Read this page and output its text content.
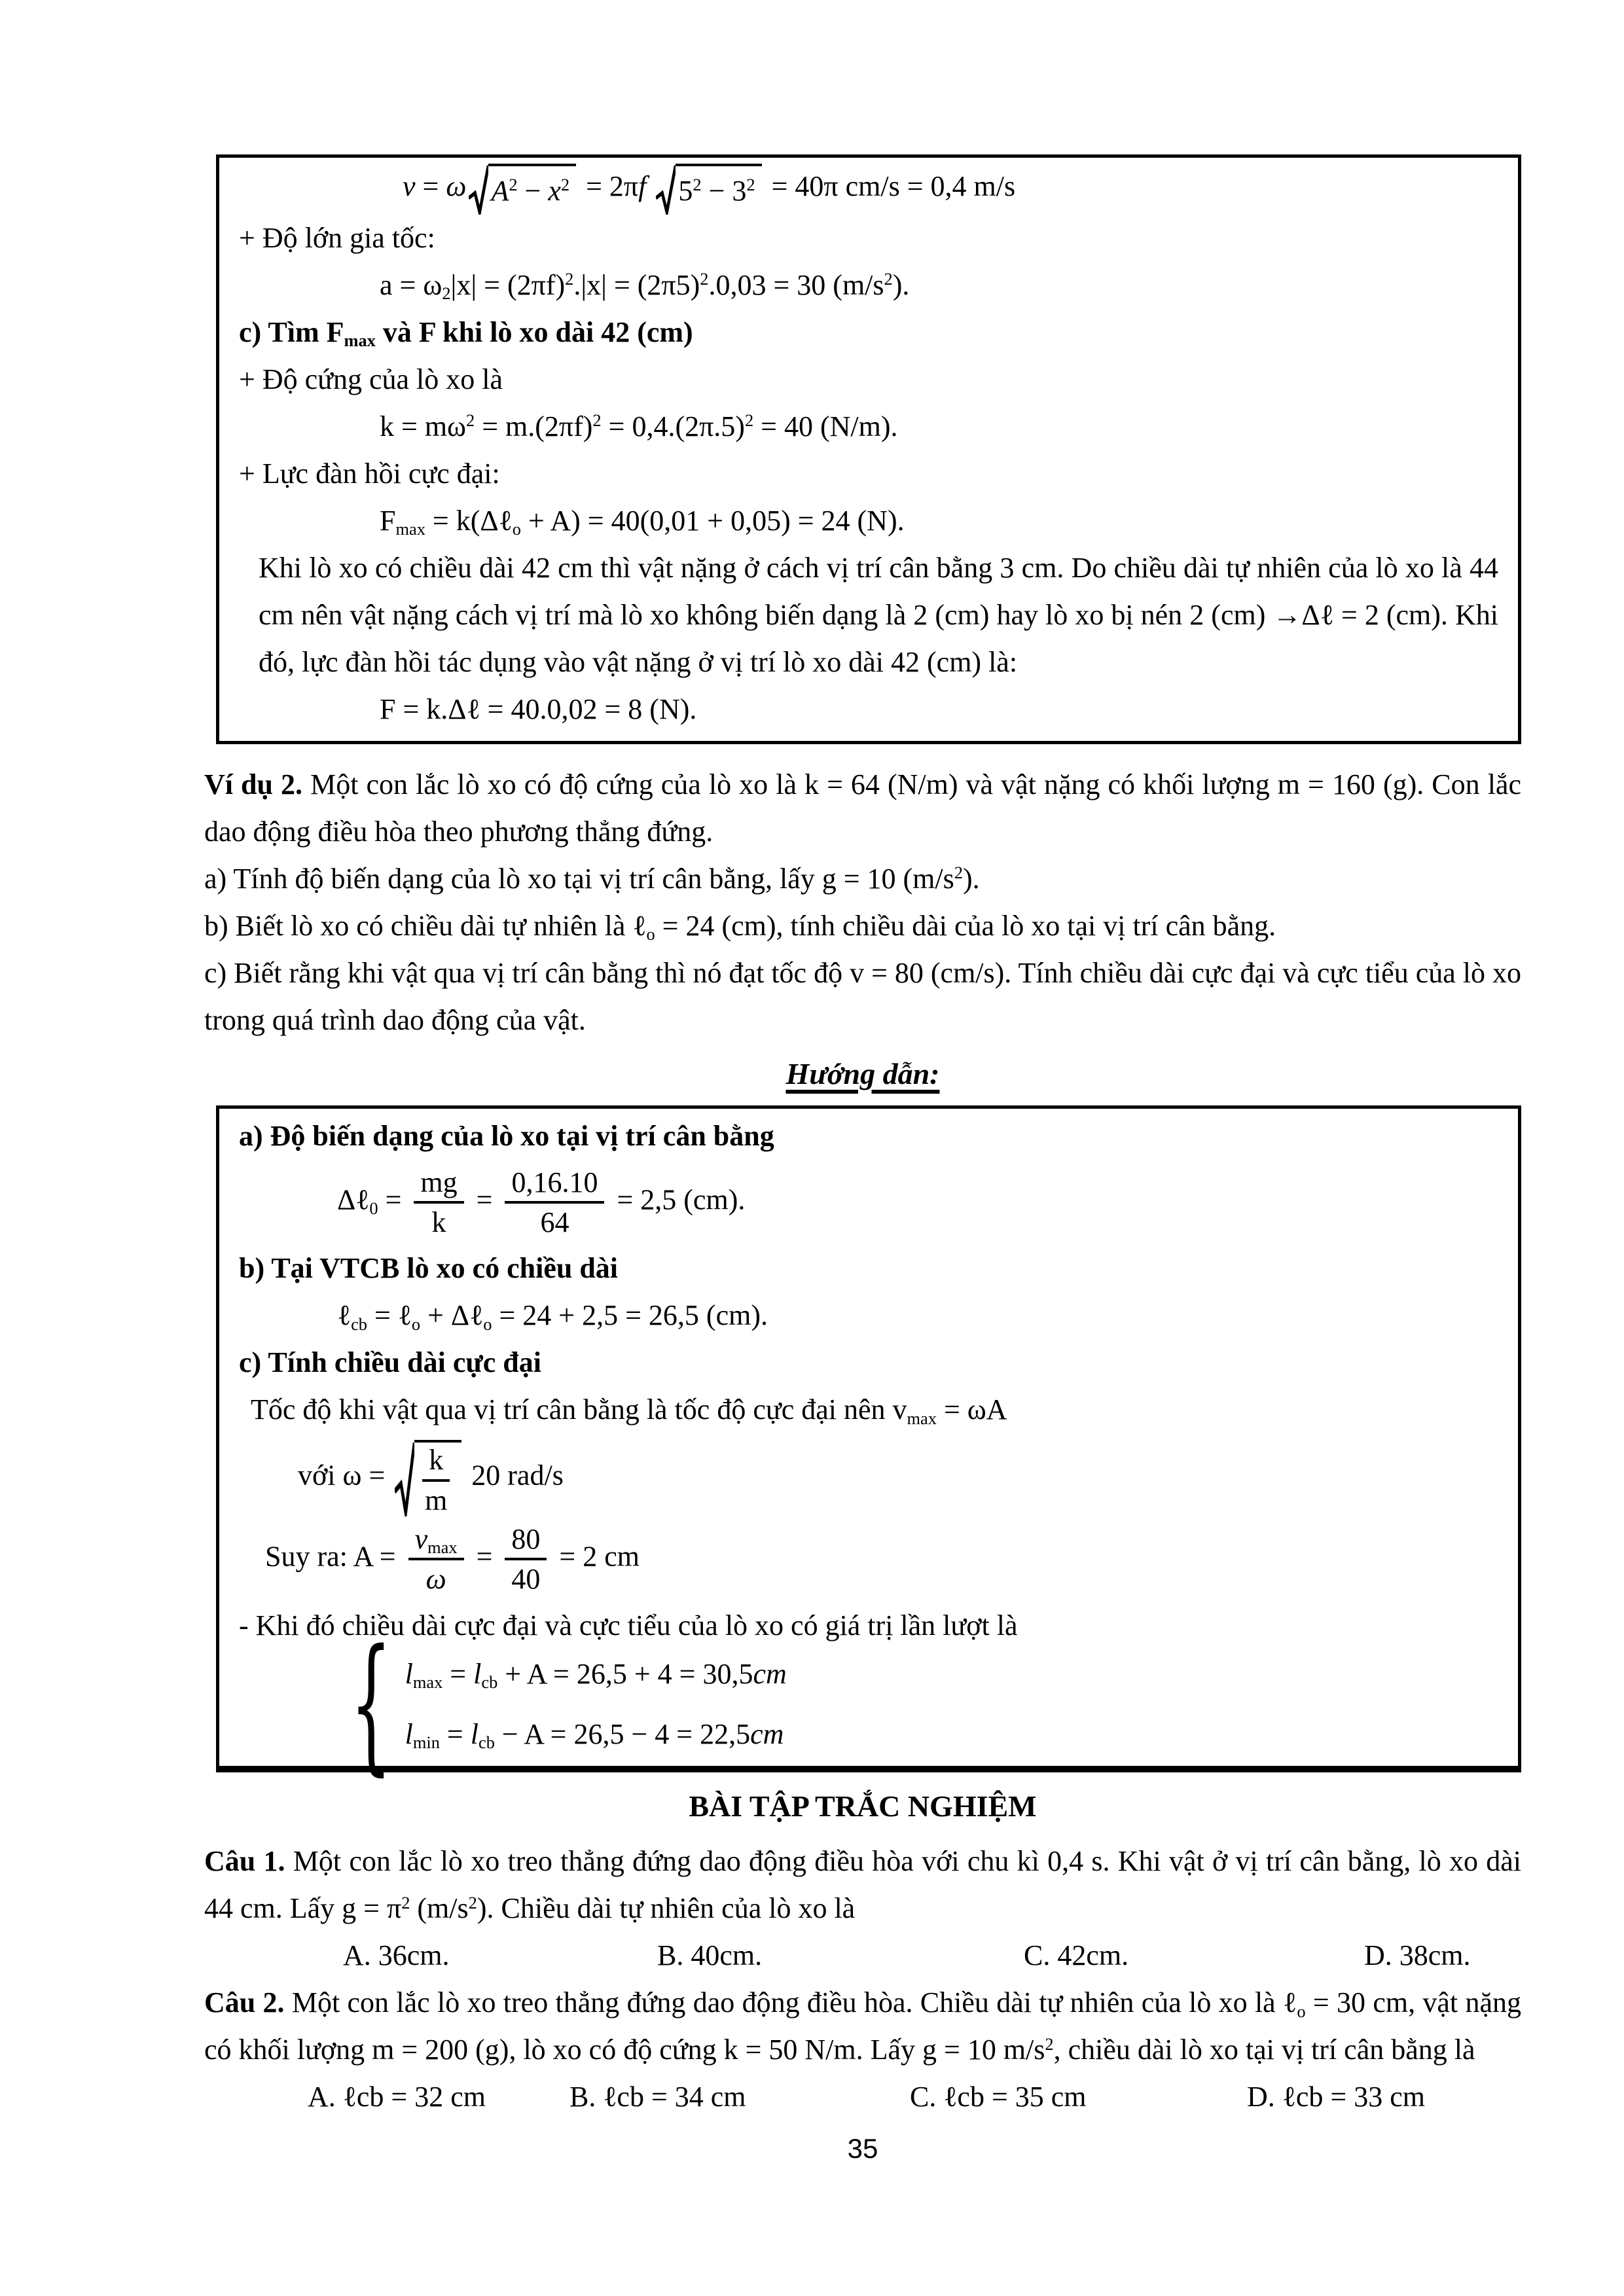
v = ω $A^2 - x^2 = 2\pi f$ $5^2 - 3^2 = 40\pi$ cm/s = 0,4 m/s

+ Độ lớn gia tốc:

$a = \omega_2|x| = (2\pi f)^2.|x| = (2\pi 5)^2.0,03 = 30$ $(m/s^2)$.

c) Tìm $F_{max}$ và F khi lò xo dài 42 (cm)

+ Độ cứng của lò xo là

$k = m\omega^2 = m.(2\pi f)^2 = 0,4.(2\pi.5)^2 = 40$ (N/m).

+ Lực đàn hồi cực đại:

$F_{max}$ = k(Δℓ$_o$ + A) = 40(0,01 + 0,05) = 24 (N).

Khi lò xo có chiều dài 42 cm thì vật nặng ở cách vị trí cân bằng 3 cm. Do chiều dài tự nhiên của lò xo là 44 cm nên vật nặng cách vị trí mà lò xo không biến dạng là 2 (cm) hay lò xo bị nén 2 (cm) →Δℓ = 2 (cm). Khi đó, lực đàn hồi tác dụng vào vật nặng ở vị trí lò xo dài 42 (cm) là:

F = k.Δℓ = 40.0,02 = 8 (N).

Ví dụ 2. Một con lắc lò xo có độ cứng của lò xo là k = 64 (N/m) và vật nặng có khối lượng m = 160 (g). Con lắc dao động điều hòa theo phương thẳng đứng.

a) Tính độ biến dạng của lò xo tại vị trí cân bằng, lấy g = 10 $(m/s^2)$.

b) Biết lò xo có chiều dài tự nhiên là ℓ$_o$ = 24 (cm), tính chiều dài của lò xo tại vị trí cân bằng.

c) Biết rằng khi vật qua vị trí cân bằng thì nó đạt tốc độ v = 80 (cm/s). Tính chiều dài cực đại và cực tiểu của lò xo trong quá trình dao động của vật.

Hướng dẫn:

a) Độ biến dạng của lò xo tại vị trí cân bằng

Δℓ$_0$ = $\frac{mg}{k} = \frac{0,16.10}{64} = 2,5$ (cm).

b) Tại VTCB lò xo có chiều dài

ℓ$_{cb}$ = ℓ$_o$ + Δℓ$_o$ = 24 + 2,5 = 26,5 (cm).

c) Tính chiều dài cực đại

Tốc độ khi vật qua vị trí cân bằng là tốc độ cực đại nên $v_{max} = \omega A$

với $\omega = \frac{k}{m} 20$ rad/s

Suy ra: $A = \frac{v_{max}}{\omega} = \frac{80}{40} = 2$ cm

- Khi đó chiều dài cực đại và cực tiểu của lò xo có giá trị lần lượt là

{ $l_{max} = l_{cb} + A = 26,5 + 4 = 30,5cm$
$l_{min} = l_{cb} - A = 26,5 - 4 = 22,5cm$

BÀI TẬP TRẮC NGHIỆM

Câu 1. Một con lắc lò xo treo thẳng đứng dao động điều hòa với chu kì 0,4 s. Khi vật ở vị trí cân bằng, lò xo dài 44 cm. Lấy $g = \pi^2$ $(m/s^2)$. Chiều dài tự nhiên của lò xo là

A. 36cm.	B. 40cm.	C. 42cm.	D. 38cm.

Câu 2. Một con lắc lò xo treo thẳng đứng dao động điều hòa. Chiều dài tự nhiên của lò xo là ℓ$_o$ = 30 cm, vật nặng có khối lượng m = 200 (g), lò xo có độ cứng k = 50 N/m. Lấy g = 10 $m/s^2$, chiều dài lò xo tại vị trí cân bằng là

A. ℓcb = 32 cm	B. ℓcb = 34 cm	C. ℓcb = 35 cm	D. ℓcb = 33 cm

35
